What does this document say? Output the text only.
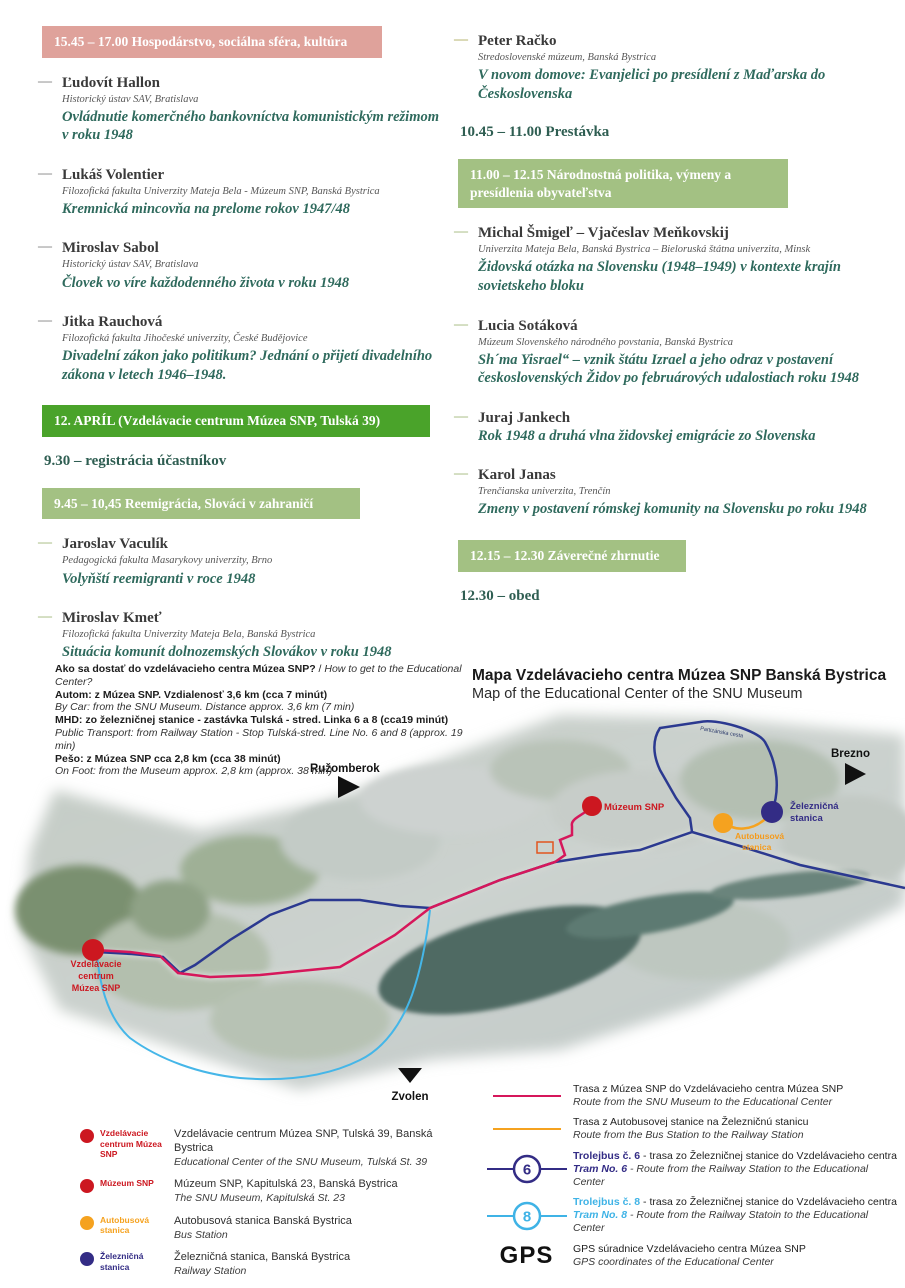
15.45 – 17.00 Hospodárstvo, sociálna sféra, kultúra
— Ľudovít Hallon
Historický ústav SAV, Bratislava
Ovládnutie komerčného bankovníctva komunistickým režimom v roku 1948
— Lukáš Volentier
Filozofická fakulta Univerzity Mateja Bela - Múzeum SNP, Banská Bystrica
Kremnická mincovňa na prelome rokov 1947/48
— Miroslav Sabol
Historický ústav SAV, Bratislava
Človek vo víre každodenného života v roku 1948
— Jitka Rauchová
Filozofická fakulta Jihočeské univerzity, České Budějovice
Divadelní zákon jako politikum? Jednání o přijetí divadelního zákona v letech 1946–1948.
12. APRÍL (Vzdelávacie centrum Múzea SNP, Tulská 39)
9.30 – registrácia účastníkov
9.45 – 10,45 Reemigrácia, Slováci v zahraničí
— Jaroslav Vaculík
Pedagogická fakulta Masarykovy univerzity, Brno
Volyňští reemigranti v roce 1948
— Miroslav Kmeť
Filozofická fakulta Univerzity Mateja Bela, Banská Bystrica
Situácia komunít dolnozemských Slovákov v roku 1948
— Peter Račko
Stredoslovenské múzeum, Banská Bystrica
V novom domove: Evanjelici po presídlení z Maďarska do Československa
10.45 – 11.00 Prestávka
11.00 – 12.15 Národnostná politika, výmeny a presídlenia obyvateľstva
— Michal Šmigeľ – Vjačeslav Meňkovskij
Univerzita Mateja Bela, Banská Bystrica – Bieloruská štátna univerzita, Minsk
Židovská otázka na Slovensku (1948–1949) v kontexte krajín sovietskeho bloku
— Lucia Sotáková
Múzeum Slovenského národného povstania, Banská Bystrica
Sh´ma Yisrael“ – vznik štátu Izrael a jeho odraz v postavení československých Židov po februárových udalostiach roku 1948
— Juraj Jankech
Rok 1948 a druhá vlna židovskej emigrácie zo Slovenska
— Karol Janas
Trenčianska univerzita, Trenčín
Zmeny v postavení rómskej komunity na Slovensku po roku 1948
12.15 – 12.30 Záverečné zhrnutie
12.30 – obed
Ako sa dostať do vzdelávacieho centra Múzea SNP? / How to get to the Educational Center?
Autom: z Múzea SNP. Vzdialenosť 3,6 km (cca 7 minút)
By Car: from the SNU Museum. Distance approx. 3,6 km (7 min)
MHD: zo železničnej stanice - zastávka Tulská - stred. Linka 6 a 8 (cca19 minút)
Public Transport: from Railway Station - Stop Tulská-stred. Line No. 6 and 8 (approx. 19 min)
Pešo: z Múzea SNP cca 2,8 km (cca 38 minút)
On Foot: from the Museum approx. 2,8 km (approx. 38 min)
Mapa Vzdelávacieho centra Múzea SNP Banská Bystrica
Map of the Educational Center of the SNU Museum
Múzeum SNP	Železničná
stanica
Autobusová
stanica
Vzdelávacie
centrum
Múzea SNP
Partizánska cesta
Ružomberok
Brezno
Zvolen
Vzdelávacie centrum Múzea SNP
Vzdelávacie centrum Múzea SNP, Tulská 39, Banská Bystrica
Educational Center of the SNU Museum, Tulská St. 39
Múzeum SNP	Múzeum SNP, Kapitulská 23, Banská Bystrica
The SNU Museum, Kapitulská St. 23
Autobusová stanica
Autobusová stanica Banská Bystrica
Bus Station
Železničná stanica
Železničná stanica, Banská Bystrica
Railway Station
Trasa z Múzea SNP do Vzdelávacieho centra Múzea SNP
Route from the SNU Museum to the Educational Center
Trasa z Autobusovej stanice na Železničnú stanicu
Route from the Bus Station to the Railway Station
6
Trolejbus č. 6 - trasa zo Železničnej stanice do Vzdelávacieho centra
Tram No. 6 - Route from the Railway Station to the Educational Center
8
Trolejbus č. 8 - trasa zo Železničnej stanice do Vzdelávacieho centra
Tram No. 8 - Route from the Railway Statoin to the Educational Center
GPS GPS súradnice Vzdelávacieho centra Múzea SNP
GPS coordinates of the Educational Center
